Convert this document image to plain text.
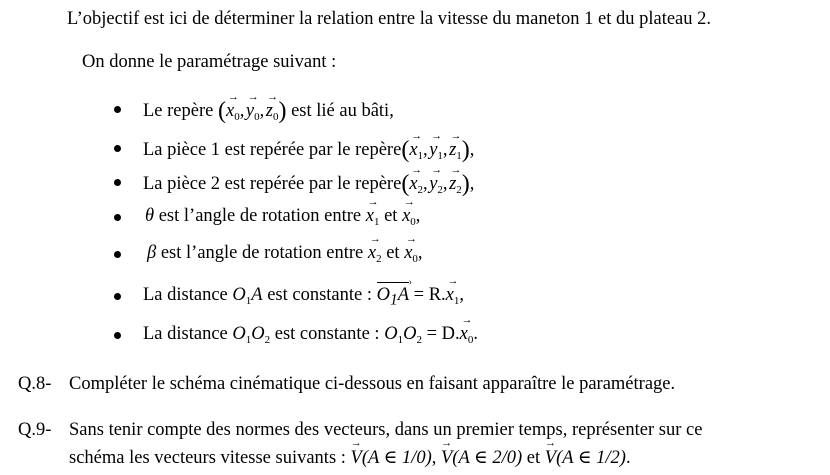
L’objectif est ici de déterminer la relation entre la vitesse du maneton 1 et du plateau 2.
On donne le paramétrage suivant :
Le repère (
→
$x_0$, 
→
$y_0$, 
→
$z_0$) est lié au bâti,
La pièce 1 est repérée par le repère(
→
$x_1$, 
→
$y_1$, 
→
$z_1$),
La pièce 2 est repérée par le repère(
→
$x_2$, 
→
$y_2$, 
→
$z_2$),
θ est l’angle de rotation entre
→
$x_1$ et
→
$x_0$,
β est l’angle de rotation entre
→
$x_2$ et
→
$x_0$,
La distance $O_1A$ est constante : $O_1A$
›
= R.
→
$x_1$,
La distance $O_1O_2$ est constante : $O_1O_2 = D$.
→
$x_0$.
Q.8- Compléter le schéma cinématique ci-dessous en faisant apparaître le paramétrage.
Q.9- Sans tenir compte des normes des vecteurs, dans un premier temps, représenter sur ce
schéma les vecteurs vitesse suivants :
→
V(A ∈ 1/0),
→
V(A ∈ 2/0) et
→
V(A ∈ 1/2).
